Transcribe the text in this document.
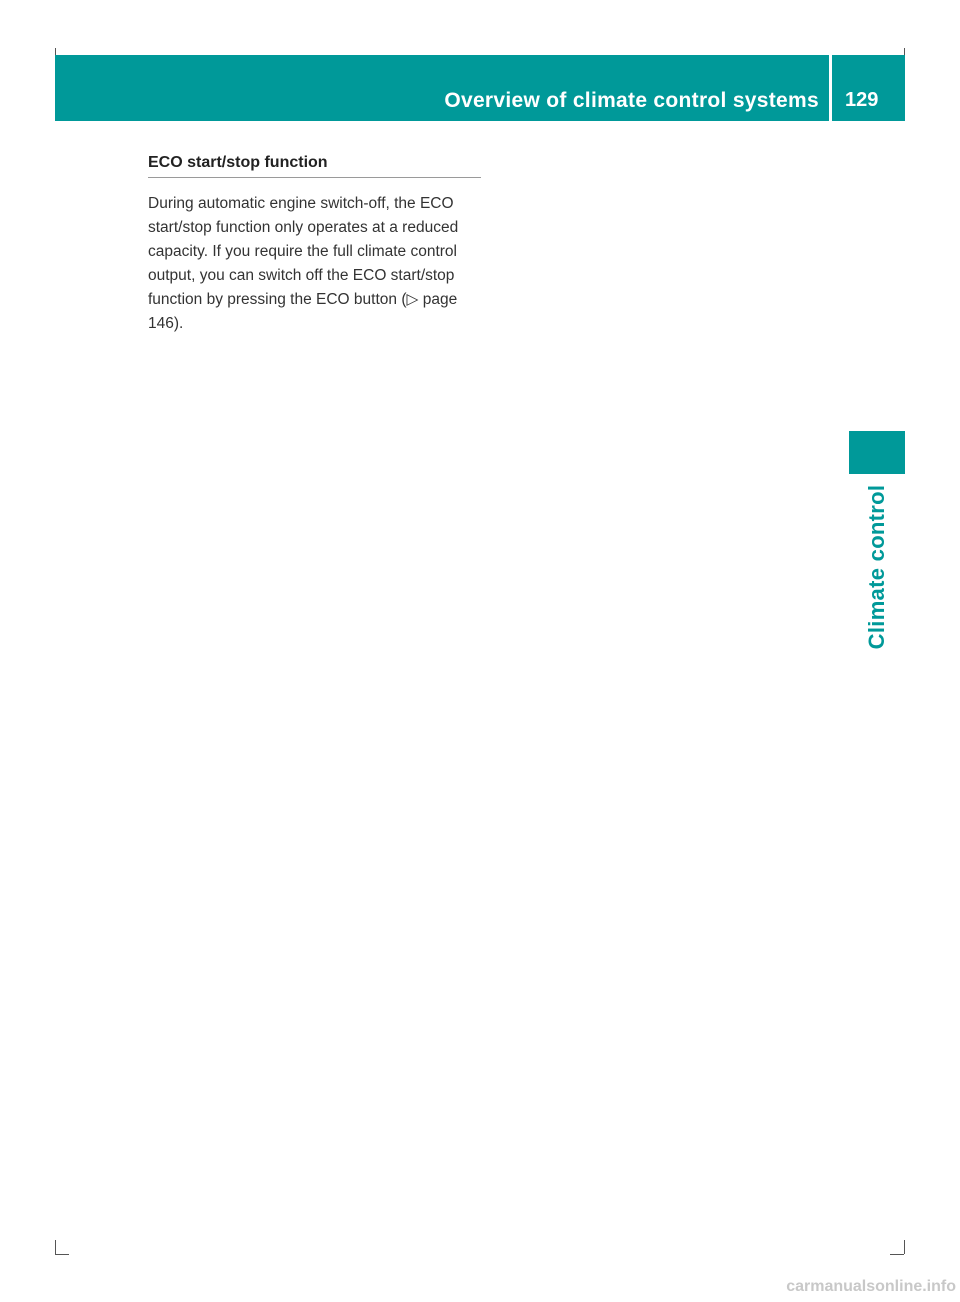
Overview of climate control systems 129
Climate control
ECO start/stop function

During automatic engine switch-off, the ECO start/stop function only operates at a reduced capacity. If you require the full climate control output, you can switch off the ECO start/stop function by pressing the ECO button (▷ page 146).

carmanualsonline.info
